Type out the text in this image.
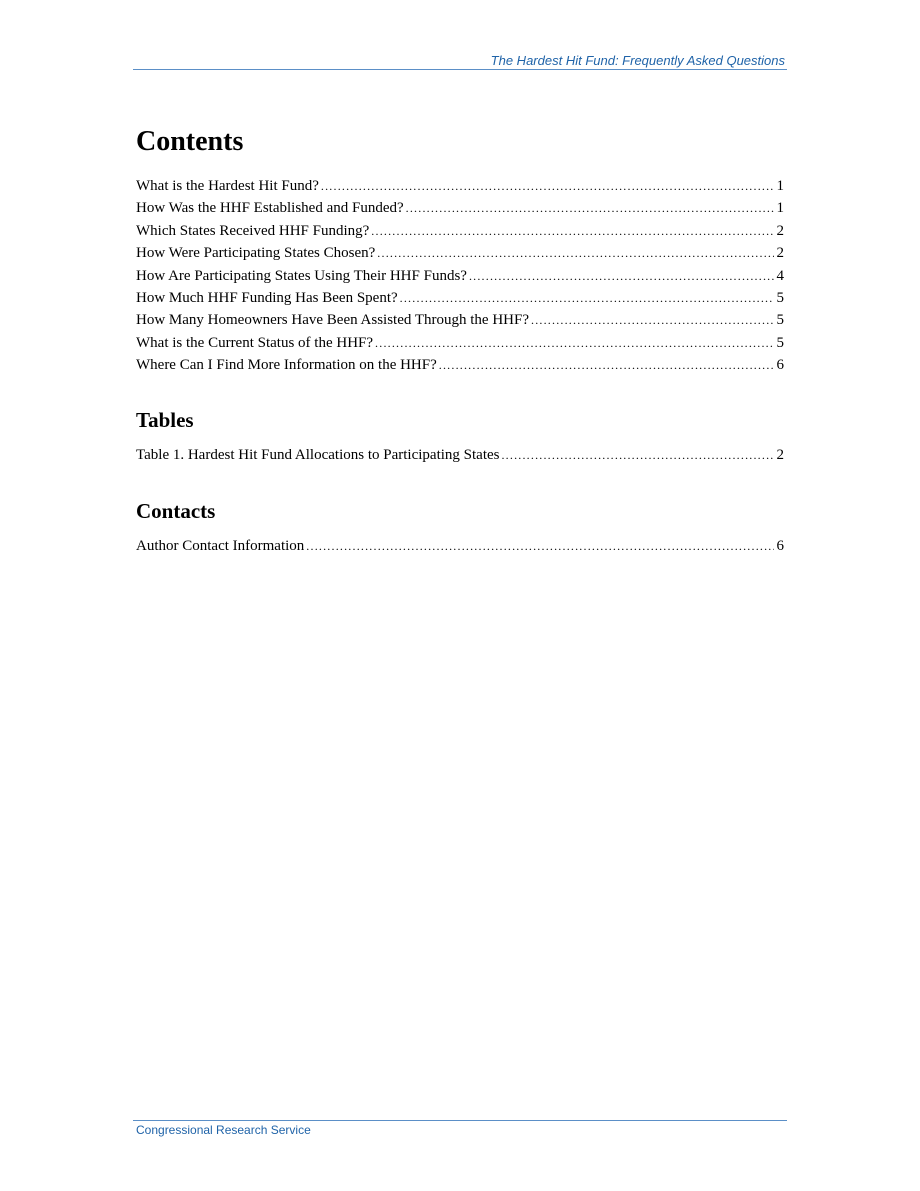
The Hardest Hit Fund: Frequently Asked Questions
Contents
What is the Hardest Hit Fund? . . .	1
How Was the HHF Established and Funded? . . .	1
Which States Received HHF Funding? . . .	2
How Were Participating States Chosen? . . .	2
How Are Participating States Using Their HHF Funds? . . .	4
How Much HHF Funding Has Been Spent? . . .	5
How Many Homeowners Have Been Assisted Through the HHF? . . .	5
What is the Current Status of the HHF? . . .	5
Where Can I Find More Information on the HHF? . . .	6
Tables
Table 1. Hardest Hit Fund Allocations to Participating States . . .	2
Contacts
Author Contact Information . . .	6
Congressional Research Service
